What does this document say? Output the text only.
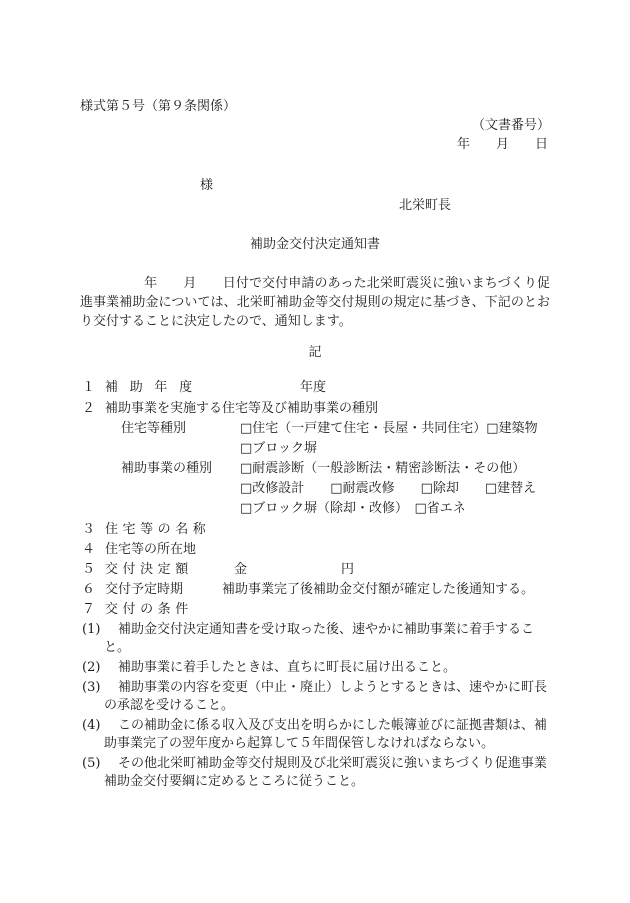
様式第５号（第９条関係）
（文書番号）
年　　月　　日
様
北栄町長
補助金交付決定通知書
年　　月　　日付で交付申請のあった北栄町震災に強いまちづくり促進事業補助金については、北栄町補助金等交付規則の規定に基づき、下記のとおり交付することに決定したので、通知します。
記
１ 補助年度	年度
２ 補助事業を実施する住宅等及び補助事業の種別
住宅等種別	□住宅（一戸建て住宅・長屋・共同住宅）□建築物
□ブロック塀
補助事業の種別 □耐震診断（一般診断法・精密診断法・その他）
□改修設計　　□耐震改修　　□除却　　□建替え
□ブロック塀（除却・改修）　□省エネ
３ 住宅等の名称
４ 住宅等の所在地
５ 交付決定額	金	円
６ 交付予定時期	補助事業完了後補助金交付額が確定した後通知する。
７ 交付の条件
(1)	補助金交付決定通知書を受け取った後、速やかに補助事業に着手すること。
(2)	補助事業に着手したときは、直ちに町長に届け出ること。
(3)	補助事業の内容を変更（中止・廃止）しようとするときは、速やかに町長の承認を受けること。
(4)	この補助金に係る収入及び支出を明らかにした帳簿並びに証拠書類は、補助事業完了の翌年度から起算して５年間保管しなければならない。
(5)	その他北栄町補助金等交付規則及び北栄町震災に強いまちづくり促進事業補助金交付要綱に定めるところに従うこと。
